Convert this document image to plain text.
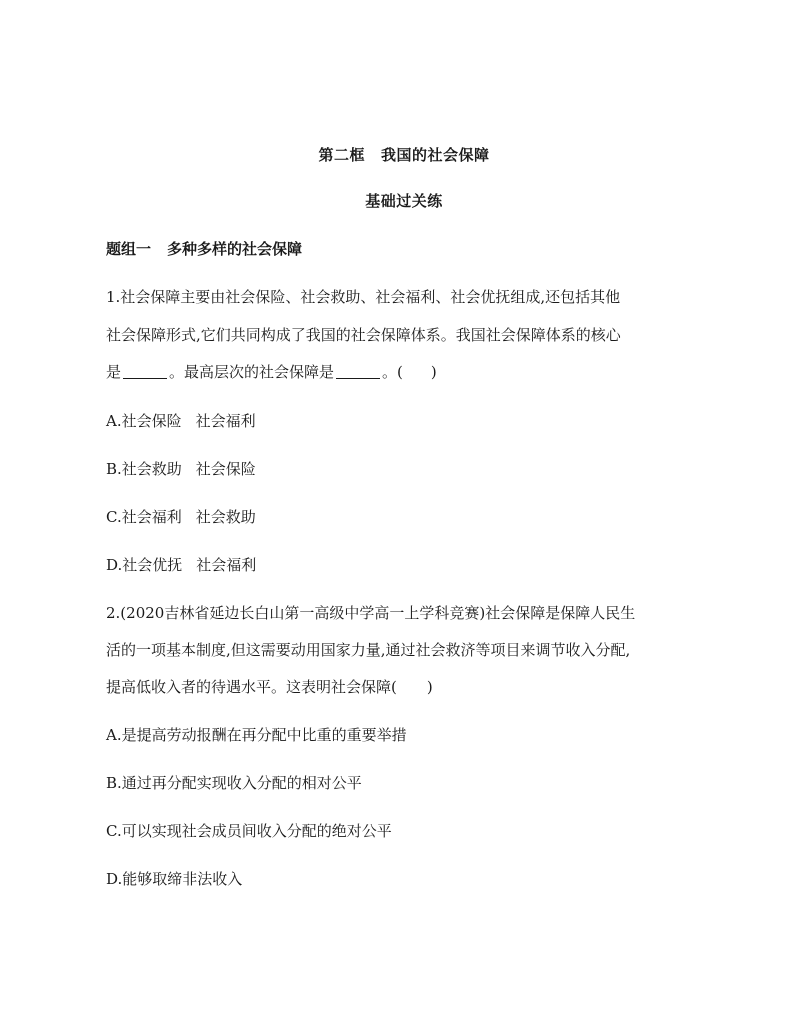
第二框 我国的社会保障
基础过关练
题组一 多种多样的社会保障
1.社会保障主要由社会保险、社会救助、社会福利、社会优抚组成,还包括其他
社会保障形式,它们共同构成了我国的社会保障体系。我国社会保障体系的核心
是	。最高层次的社会保障是	。( )
A.社会保险 社会福利
B.社会救助 社会保险
C.社会福利 社会救助
D.社会优抚 社会福利
2.(2020吉林省延边长白山第一高级中学高一上学科竞赛)社会保障是保障人民生
活的一项基本制度,但这需要动用国家力量,通过社会救济等项目来调节收入分配,
提高低收入者的待遇水平。这表明社会保障( )
A.是提高劳动报酬在再分配中比重的重要举措
B.通过再分配实现收入分配的相对公平
C.可以实现社会成员间收入分配的绝对公平
D.能够取缔非法收入
